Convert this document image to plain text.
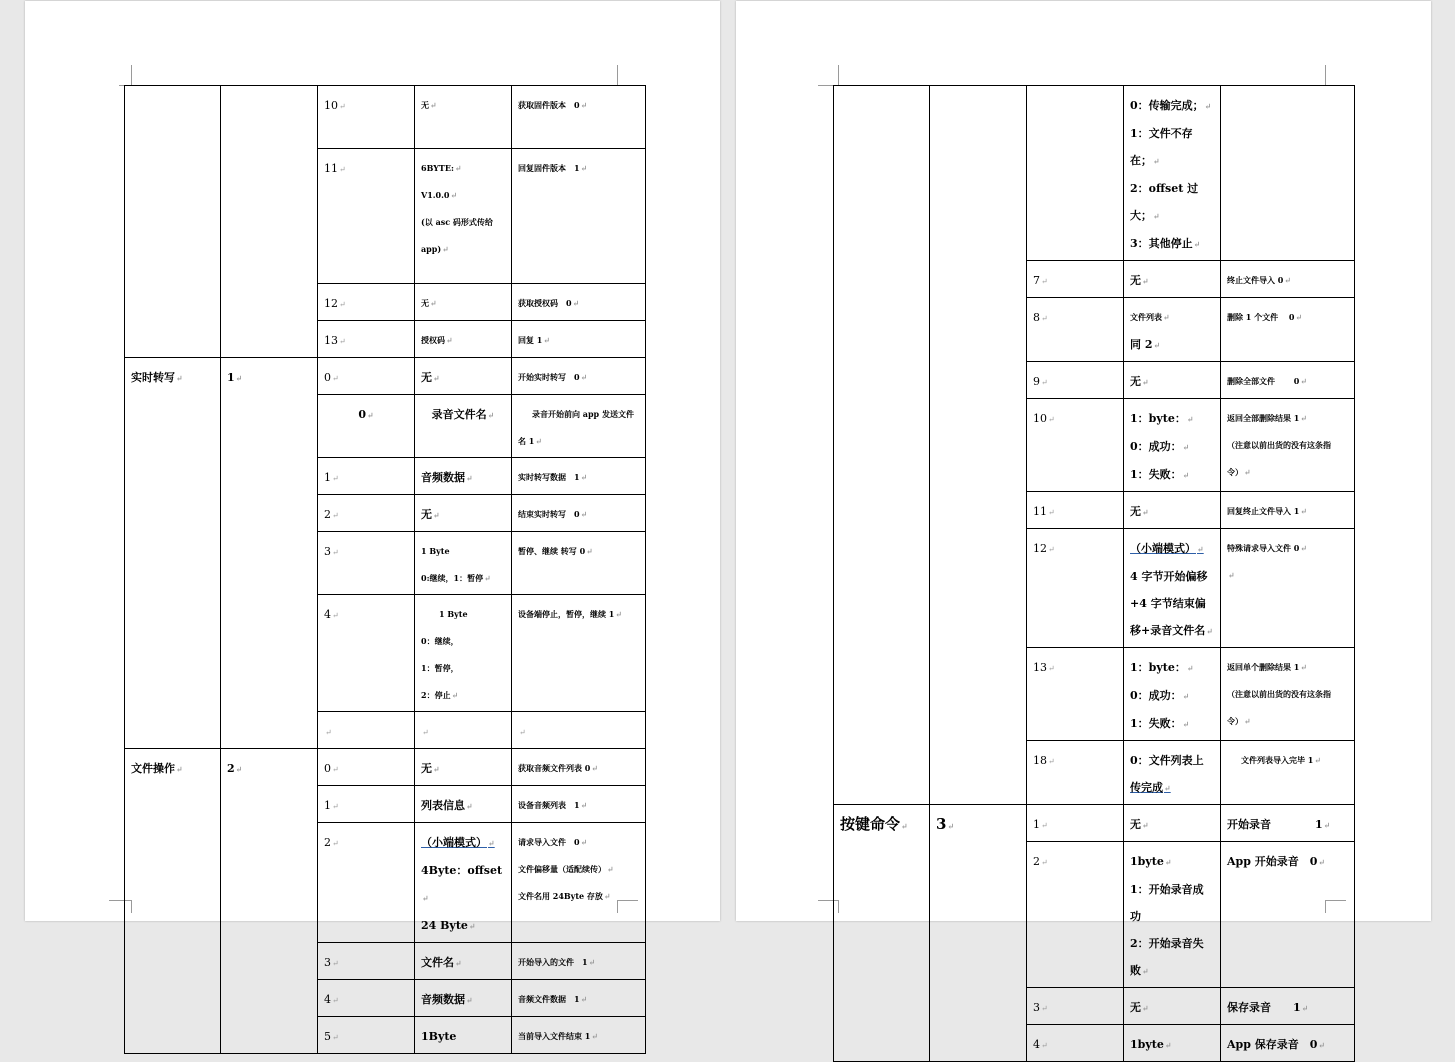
		10↵	无↵	获取固件版本　0↵
		11↵	6BYTE:↵
V1.0.0↵
(以 asc 码形式传给
app)↵	回复固件版本　1↵
		12↵	无↵	获取授权码　0↵
		13↵	授权码↵	回复 1↵
实时转写↵	1↵	0↵	无↵	开始实时转写　0↵
		0↵	录音文件名↵	录音开始前向 app 发送文件
名 1↵

		1↵	音频数据↵	实时转写数据　1↵
		2↵	无↵	结束实时转写　0↵
		3↵	1 Byte
0:继续，1：暂停↵	暂停、继续 转写 0↵
		4↵	1 Byte
0：继续，
1：暂停，
2：停止↵	设备端停止，暂停，继续 1↵
		↵	↵	↵
文件操作↵	2↵	0↵	无↵	获取音频文件列表 0↵
		1↵	列表信息↵	设备音频列表　1↵
		2↵	（小端模式）↵
4Byte：offset↵
24 Byte↵	请求导入文件　0↵
文件偏移量（适配续传）↵
文件名用 24Byte 存放↵

		3↵	文件名↵	开始导入的文件　1↵
		4↵	音频数据↵	音频文件数据　1↵
		5↵	1Byte	当前导入文件结束 1↵

			0：传输完成；↵
1：文件不存在；↵
2：offset 过大；↵
3：其他停止↵	

		7↵	无↵	终止文件导入 0↵
		8↵	文件列表↵
同 2↵	删除 1 个文件　 0↵
		9↵	无↵	删除全部文件　　 0↵
		10↵	1：byte：↵
0：成功：↵
1：失败：↵	返回全部删除结果 1↵
（注意以前出货的没有这条指
令）↵

		11↵	无↵	回复终止文件导入 1↵
		12↵	（小端模式）↵
4 字节开始偏移
+4 字节结束偏
移+录音文件名↵	特殊请求导入文件 0↵
↵

		13↵	1：byte：↵
0：成功：↵
1：失败：↵	返回单个删除结果 1↵
（注意以前出货的没有这条指
令）↵

		18↵	0：文件列表上
传完成↵	文件列表导入完毕 1↵

按键命令↵	3↵	1↵	无↵	开始录音　　　　1↵
		2↵	1byte↵
1：开始录音成
功
2：开始录音失
败↵	App 开始录音　0↵
		3↵	无↵	保存录音　　1↵
		4↵	1byte↵	App 保存录音　0↵
